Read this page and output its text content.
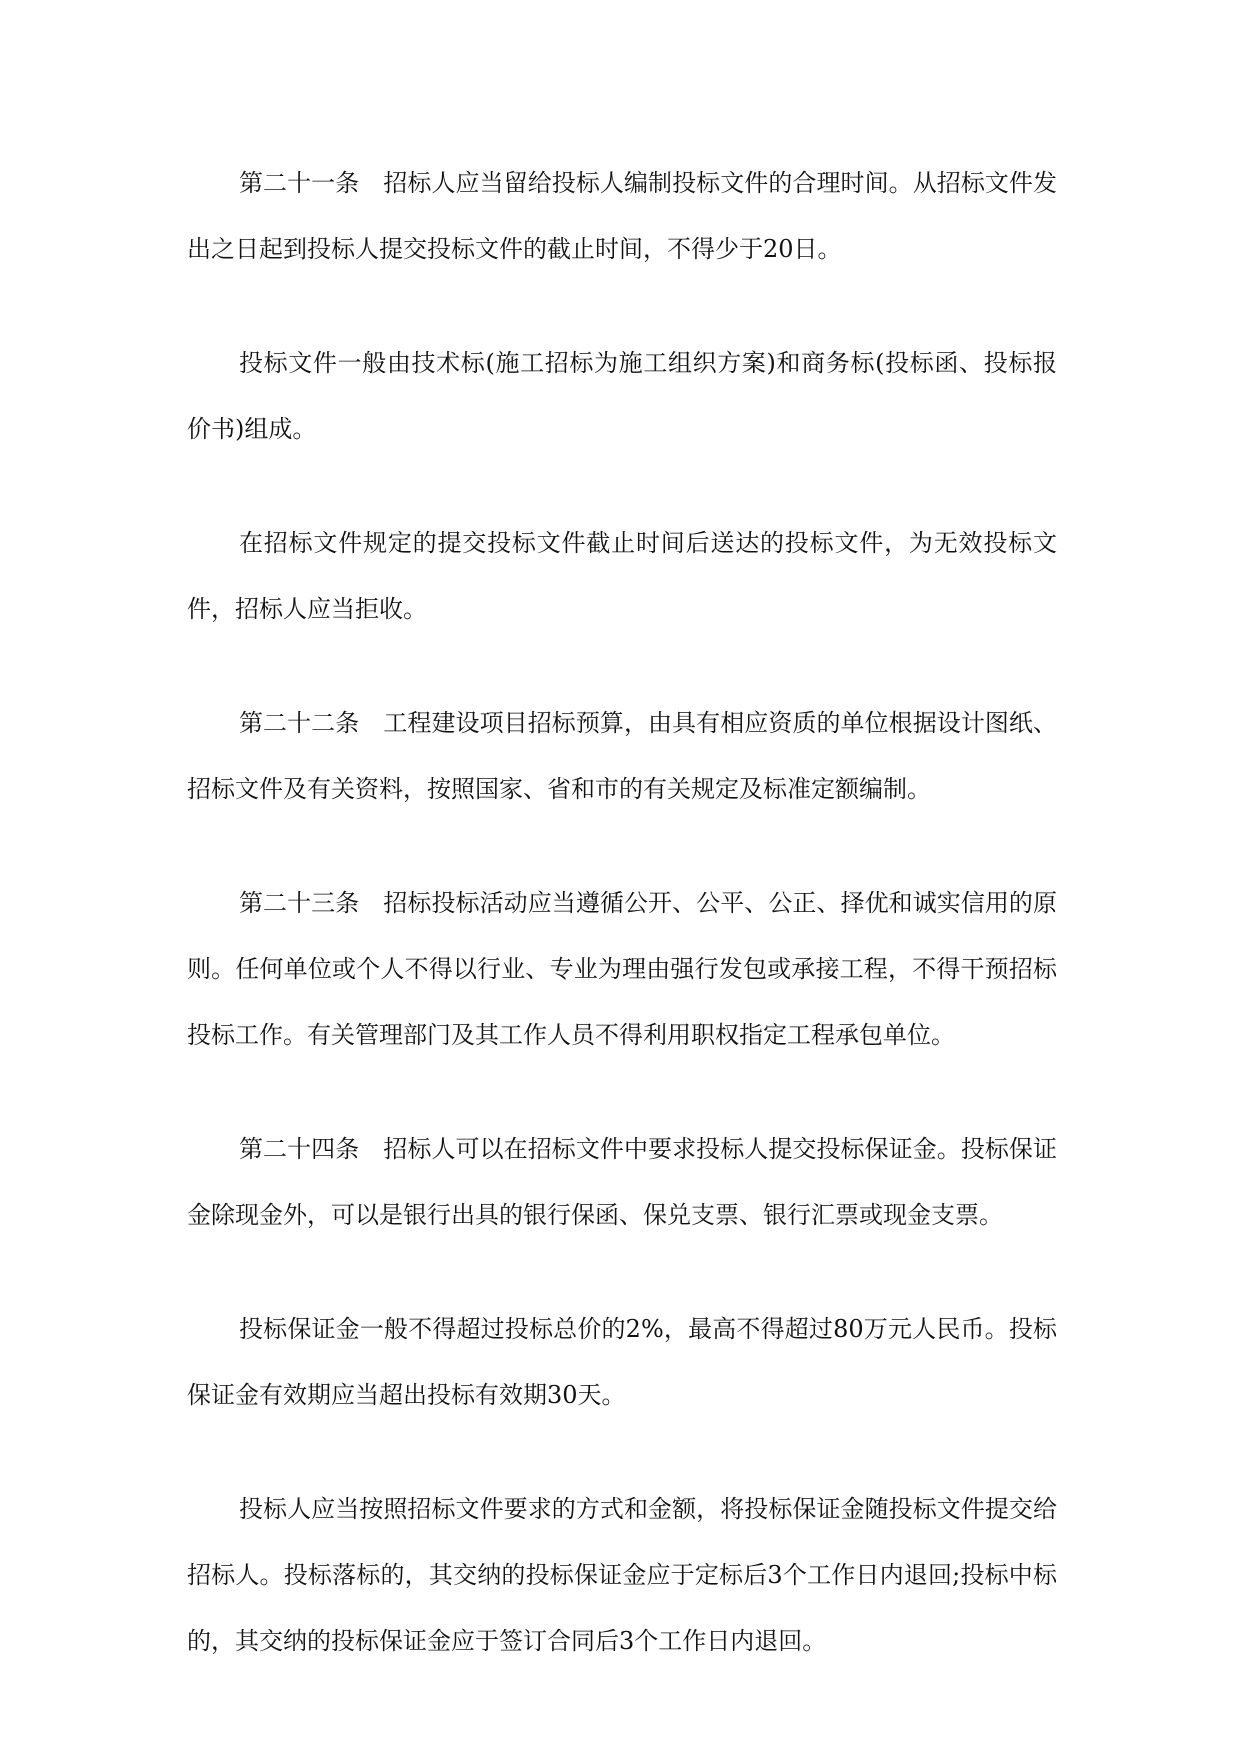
第二十一条　招标人应当留给投标人编制投标文件的合理时间。从招标文件发出之日起到投标人提交投标文件的截止时间，不得少于20日。

投标文件一般由技术标(施工招标为施工组织方案)和商务标(投标函、投标报价书)组成。

在招标文件规定的提交投标文件截止时间后送达的投标文件，为无效投标文件，招标人应当拒收。

第二十二条　工程建设项目招标预算，由具有相应资质的单位根据设计图纸、招标文件及有关资料，按照国家、省和市的有关规定及标准定额编制。

第二十三条　招标投标活动应当遵循公开、公平、公正、择优和诚实信用的原则。任何单位或个人不得以行业、专业为理由强行发包或承接工程，不得干预招标投标工作。有关管理部门及其工作人员不得利用职权指定工程承包单位。

第二十四条　招标人可以在招标文件中要求投标人提交投标保证金。投标保证金除现金外，可以是银行出具的银行保函、保兑支票、银行汇票或现金支票。

投标保证金一般不得超过投标总价的2%，最高不得超过80万元人民币。投标保证金有效期应当超出投标有效期30天。

投标人应当按照招标文件要求的方式和金额，将投标保证金随投标文件提交给招标人。投标落标的，其交纳的投标保证金应于定标后3个工作日内退回;投标中标的，其交纳的投标保证金应于签订合同后3个工作日内退回。
